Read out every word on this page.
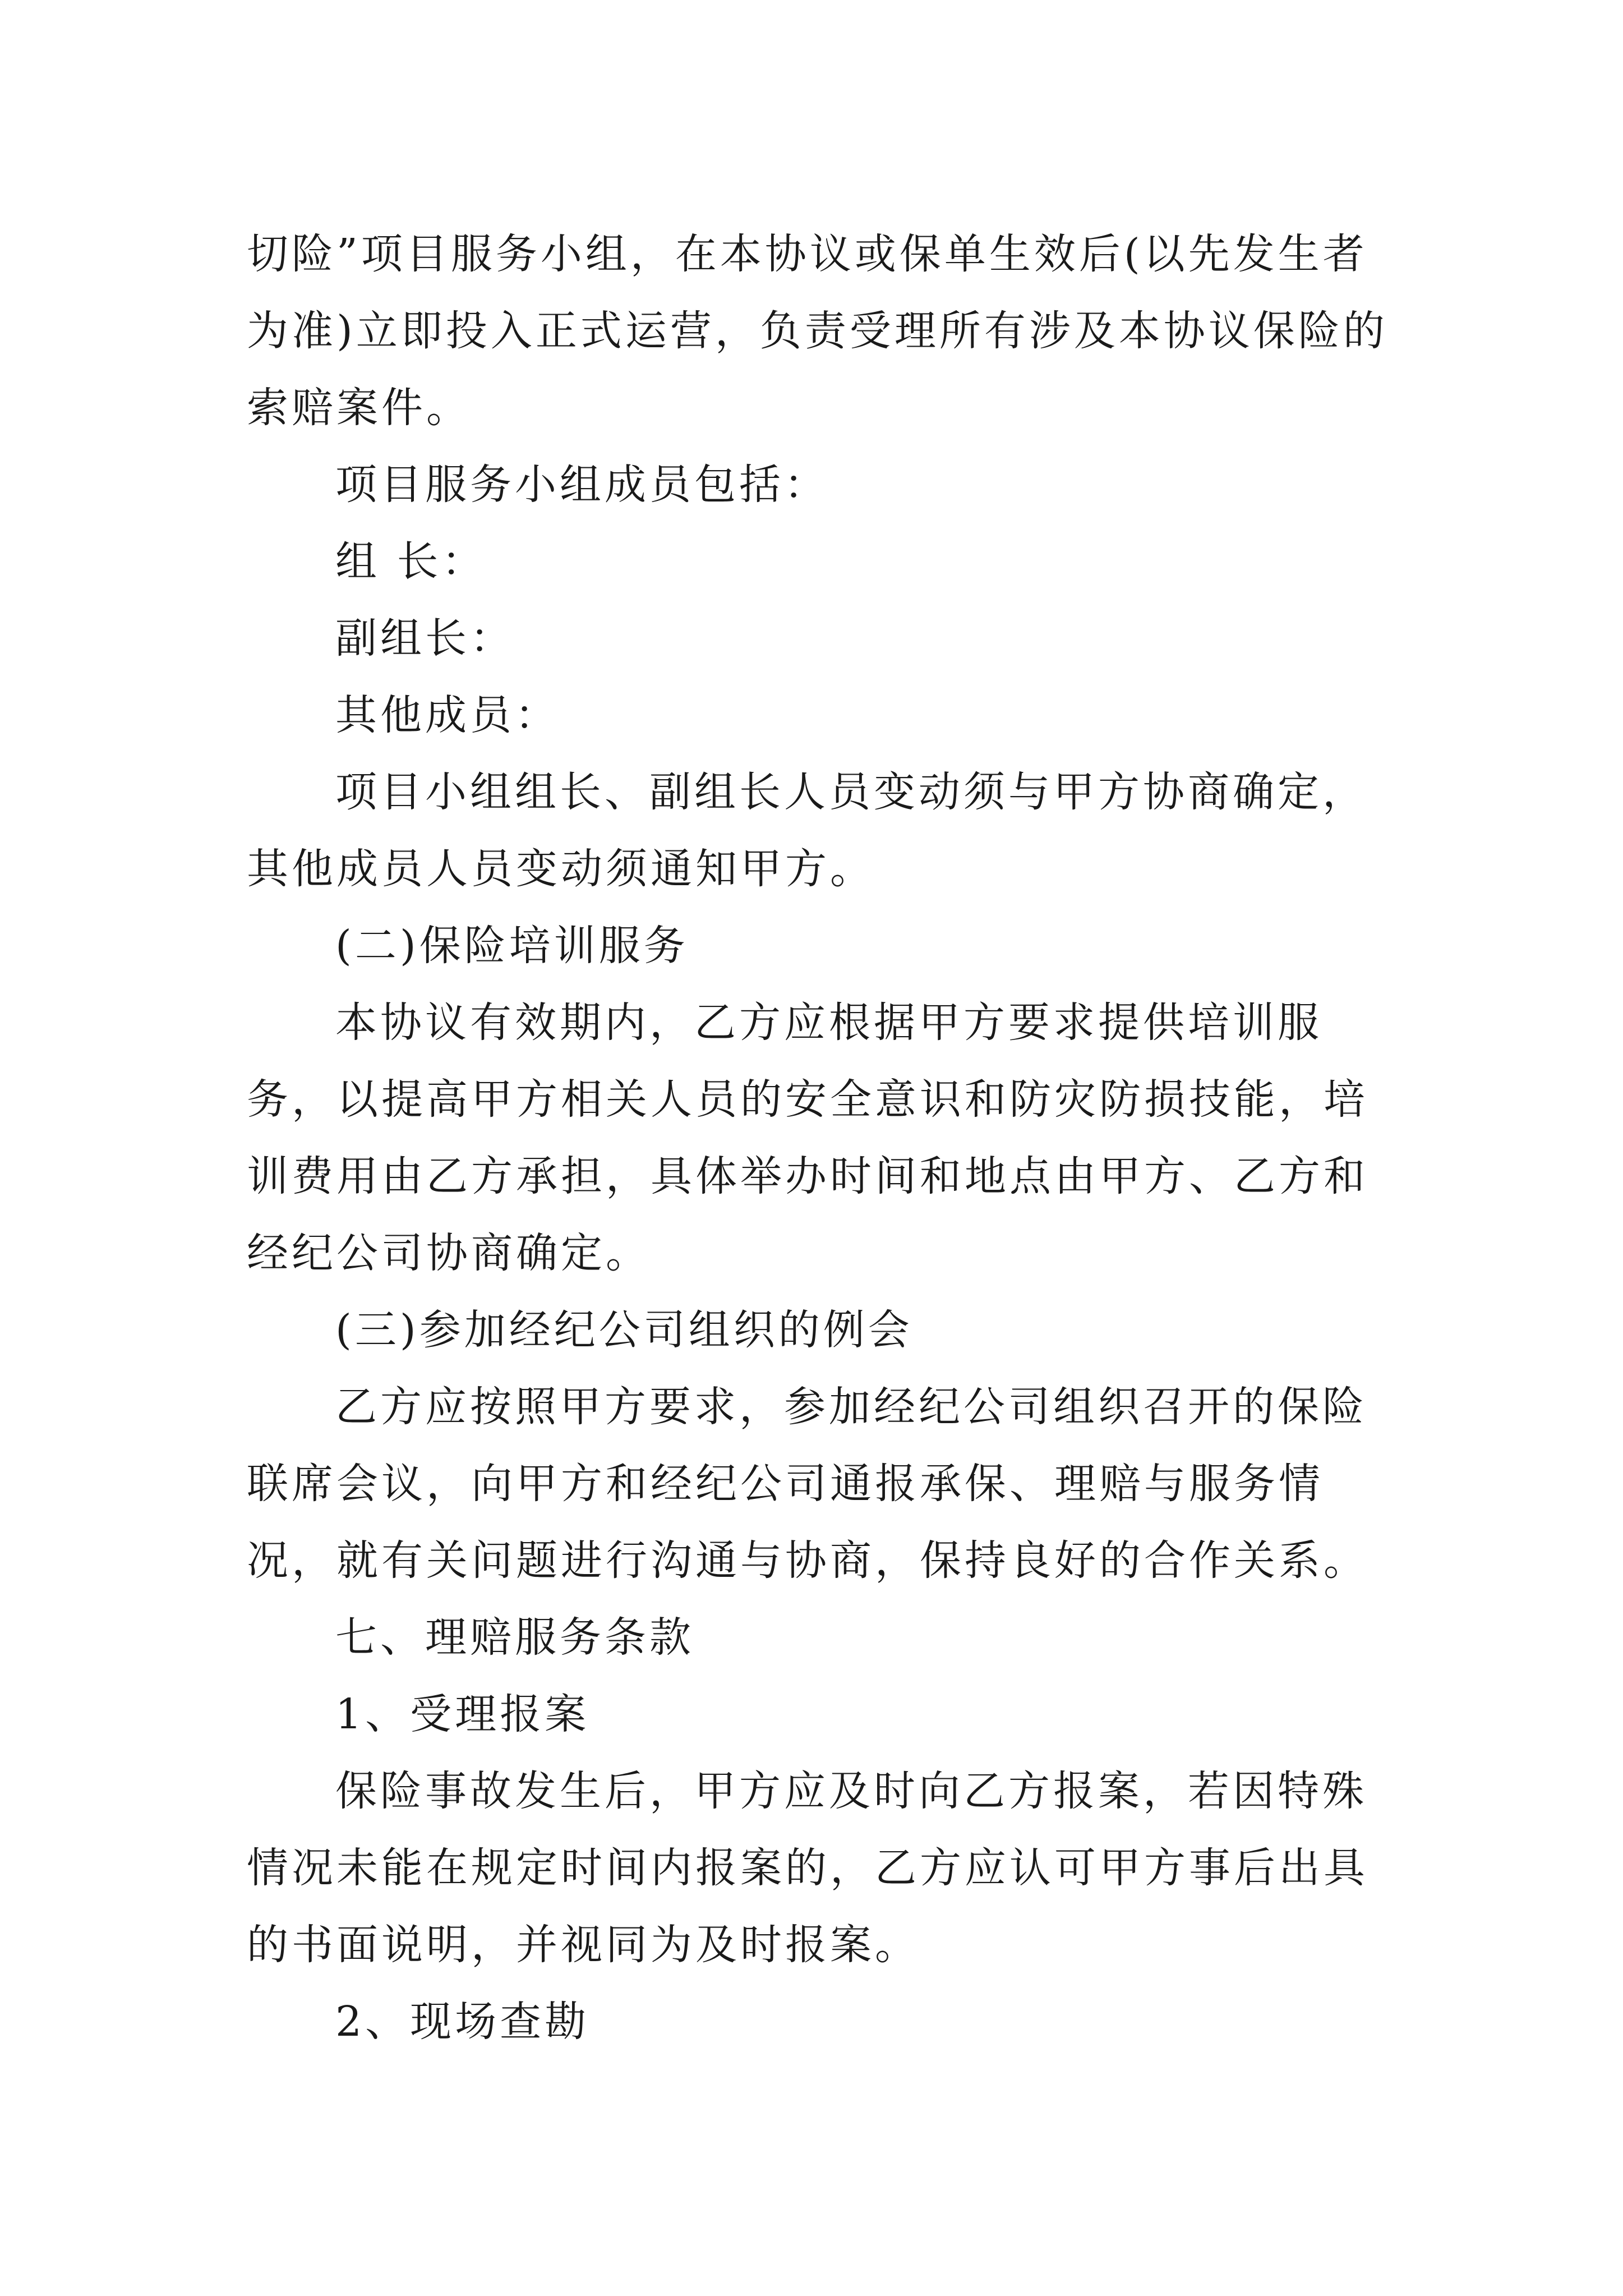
切险”项目服务小组，在本协议或保单生效后(以先发生者为准)立即投入正式运营，负责受理所有涉及本协议保险的索赔案件。

项目服务小组成员包括：

组 长：

副组长：

其他成员：

项目小组组长、副组长人员变动须与甲方协商确定，其他成员人员变动须通知甲方。

(二)保险培训服务

本协议有效期内，乙方应根据甲方要求提供培训服务，以提高甲方相关人员的安全意识和防灾防损技能，培训费用由乙方承担，具体举办时间和地点由甲方、乙方和经纪公司协商确定。

(三)参加经纪公司组织的例会

乙方应按照甲方要求，参加经纪公司组织召开的保险联席会议，向甲方和经纪公司通报承保、理赔与服务情况，就有关问题进行沟通与协商，保持良好的合作关系。

七、理赔服务条款

1、受理报案

保险事故发生后，甲方应及时向乙方报案，若因特殊情况未能在规定时间内报案的，乙方应认可甲方事后出具的书面说明，并视同为及时报案。

2、现场查勘
